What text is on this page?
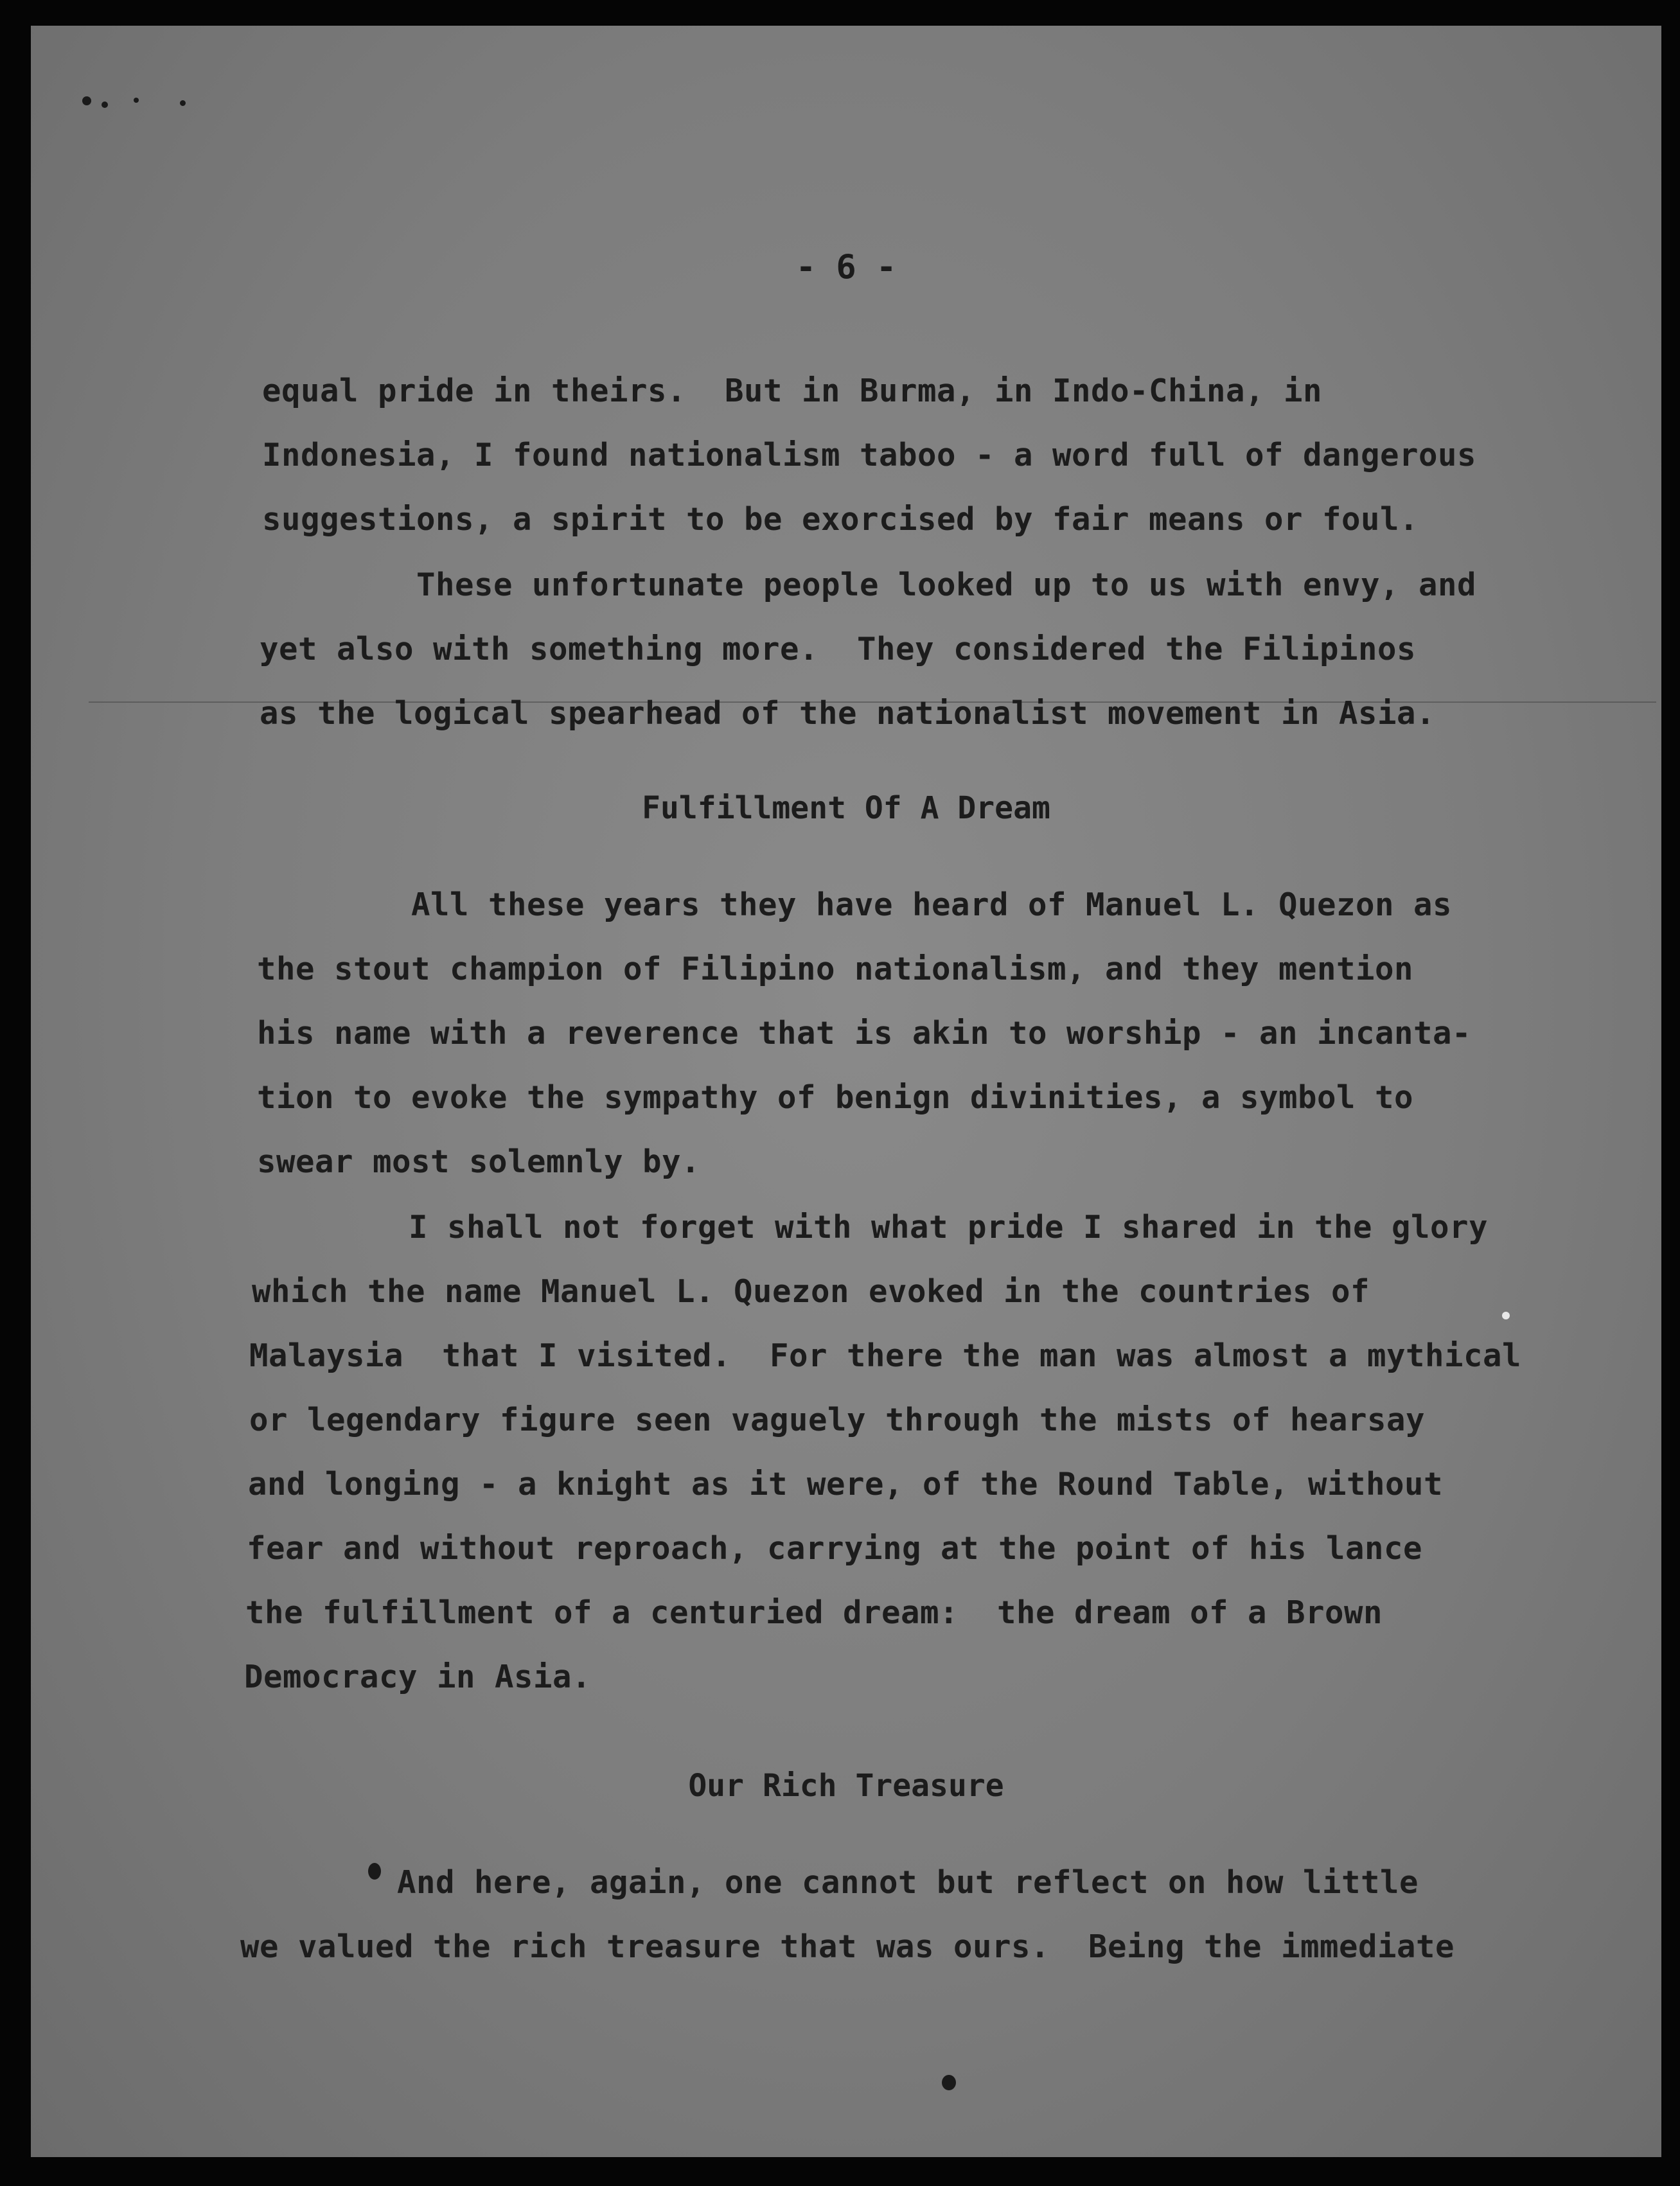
- 6 -
equal pride in theirs.  But in Burma, in Indo-China, in
Indonesia, I found nationalism taboo - a word full of dangerous
suggestions, a spirit to be exorcised by fair means or foul.
These unfortunate people looked up to us with envy, and
yet also with something more.  They considered the Filipinos
as the logical spearhead of the nationalist movement in Asia.
Fulfillment Of A Dream
All these years they have heard of Manuel L. Quezon as
the stout champion of Filipino nationalism, and they mention
his name with a reverence that is akin to worship - an incanta-
tion to evoke the sympathy of benign divinities, a symbol to
swear most solemnly by.
I shall not forget with what pride I shared in the glory
which the name Manuel L. Quezon evoked in the countries of
Malaysia  that I visited.  For there the man was almost a mythical
or legendary figure seen vaguely through the mists of hearsay
and longing - a knight as it were, of the Round Table, without
fear and without reproach, carrying at the point of his lance
the fulfillment of a centuried dream:  the dream of a Brown
Democracy in Asia.
Our Rich Treasure
And here, again, one cannot but reflect on how little
we valued the rich treasure that was ours.  Being the immediate
